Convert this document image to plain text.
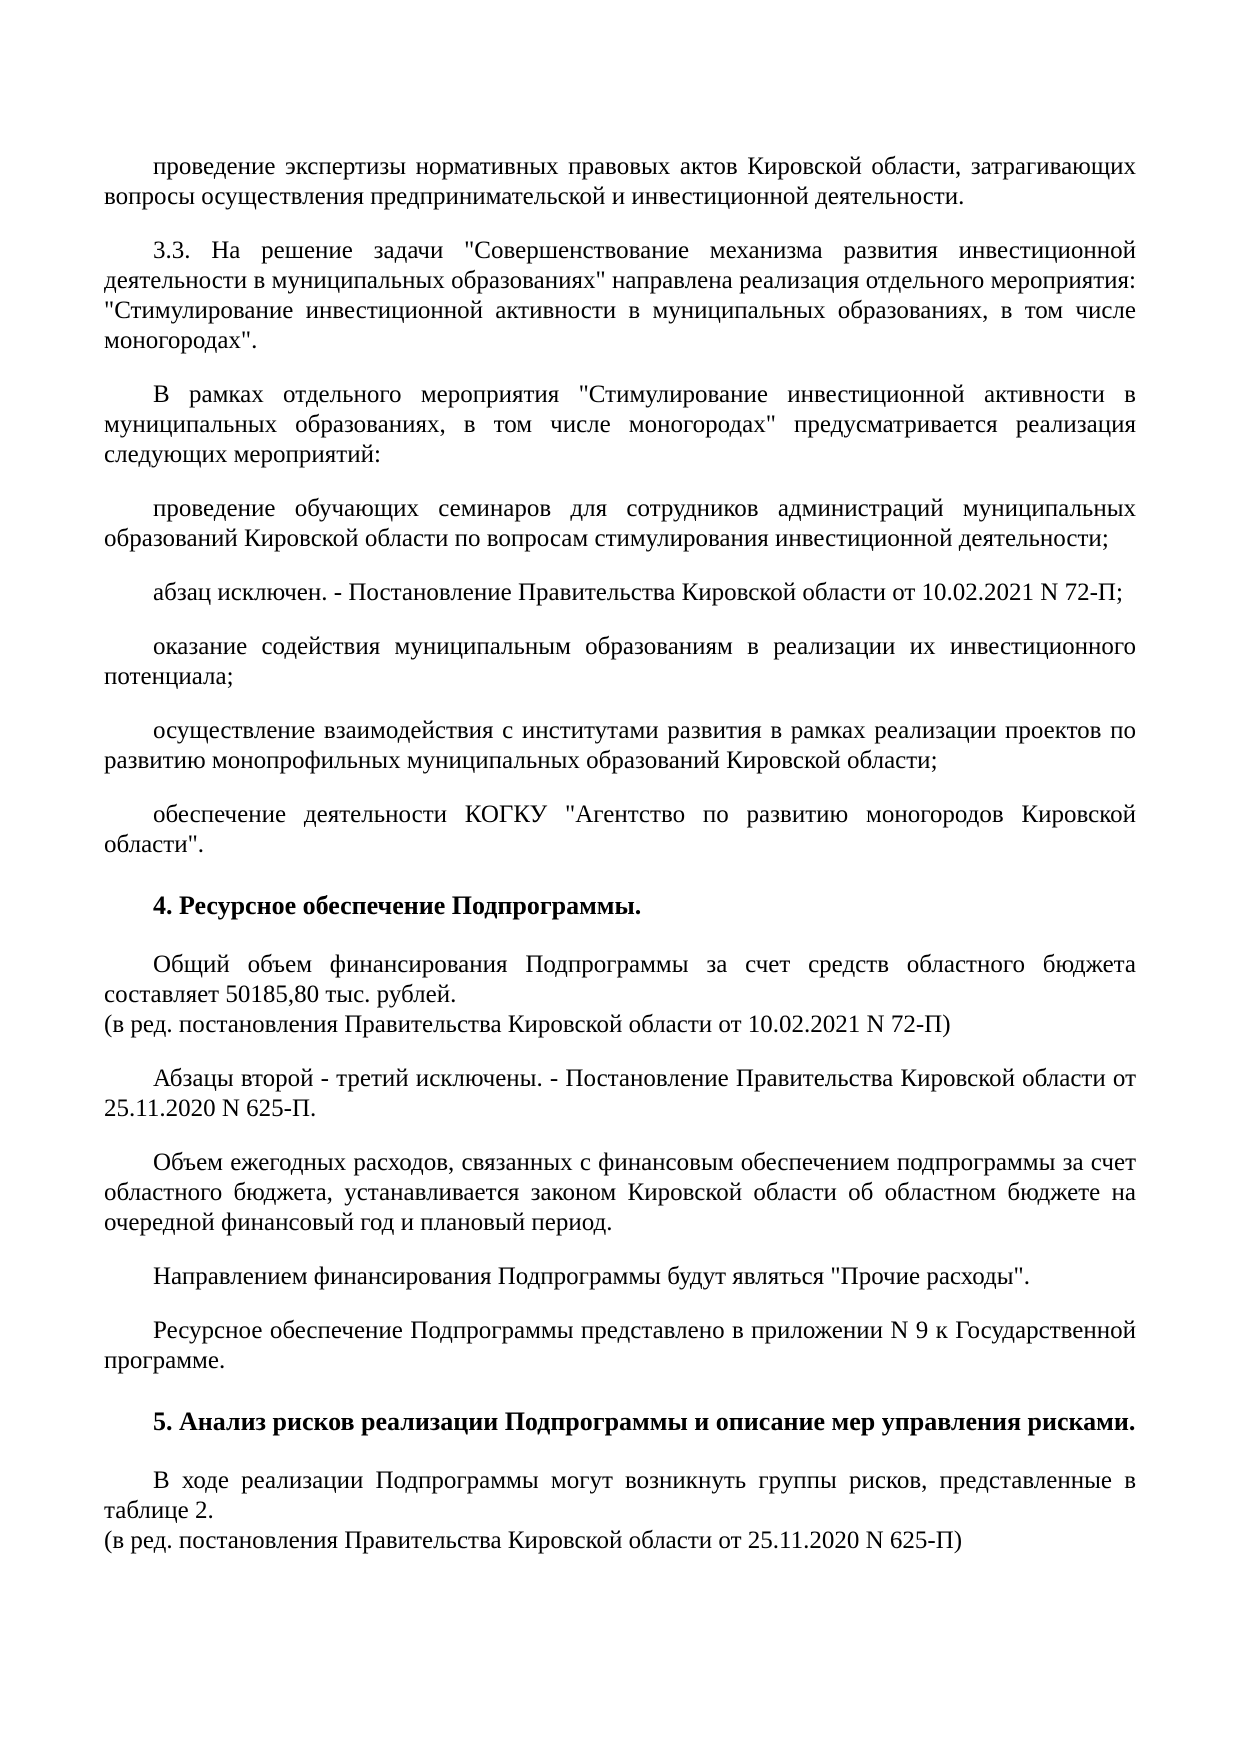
проведение экспертизы нормативных правовых актов Кировской области, затрагивающих вопросы осуществления предпринимательской и инвестиционной деятельности.

3.3. На решение задачи "Совершенствование механизма развития инвестиционной деятельности в муниципальных образованиях" направлена реализация отдельного мероприятия: "Стимулирование инвестиционной активности в муниципальных образованиях, в том числе моногородах".

В рамках отдельного мероприятия "Стимулирование инвестиционной активности в муниципальных образованиях, в том числе моногородах" предусматривается реализация следующих мероприятий:

проведение обучающих семинаров для сотрудников администраций муниципальных образований Кировской области по вопросам стимулирования инвестиционной деятельности;

абзац исключен. - Постановление Правительства Кировской области от 10.02.2021 N 72-П;

оказание содействия муниципальным образованиям в реализации их инвестиционного потенциала;

осуществление взаимодействия с институтами развития в рамках реализации проектов по развитию монопрофильных муниципальных образований Кировской области;

обеспечение деятельности КОГКУ "Агентство по развитию моногородов Кировской области".

4. Ресурсное обеспечение Подпрограммы.

Общий объем финансирования Подпрограммы за счет средств областного бюджета составляет 50185,80 тыс. рублей.

(в ред. постановления Правительства Кировской области от 10.02.2021 N 72-П)

Абзацы второй - третий исключены. - Постановление Правительства Кировской области от 25.11.2020 N 625-П.

Объем ежегодных расходов, связанных с финансовым обеспечением подпрограммы за счет областного бюджета, устанавливается законом Кировской области об областном бюджете на очередной финансовый год и плановый период.

Направлением финансирования Подпрограммы будут являться "Прочие расходы".

Ресурсное обеспечение Подпрограммы представлено в приложении N 9 к Государственной программе.

5. Анализ рисков реализации Подпрограммы и описание мер управления рисками.

В ходе реализации Подпрограммы могут возникнуть группы рисков, представленные в таблице 2.

(в ред. постановления Правительства Кировской области от 25.11.2020 N 625-П)
